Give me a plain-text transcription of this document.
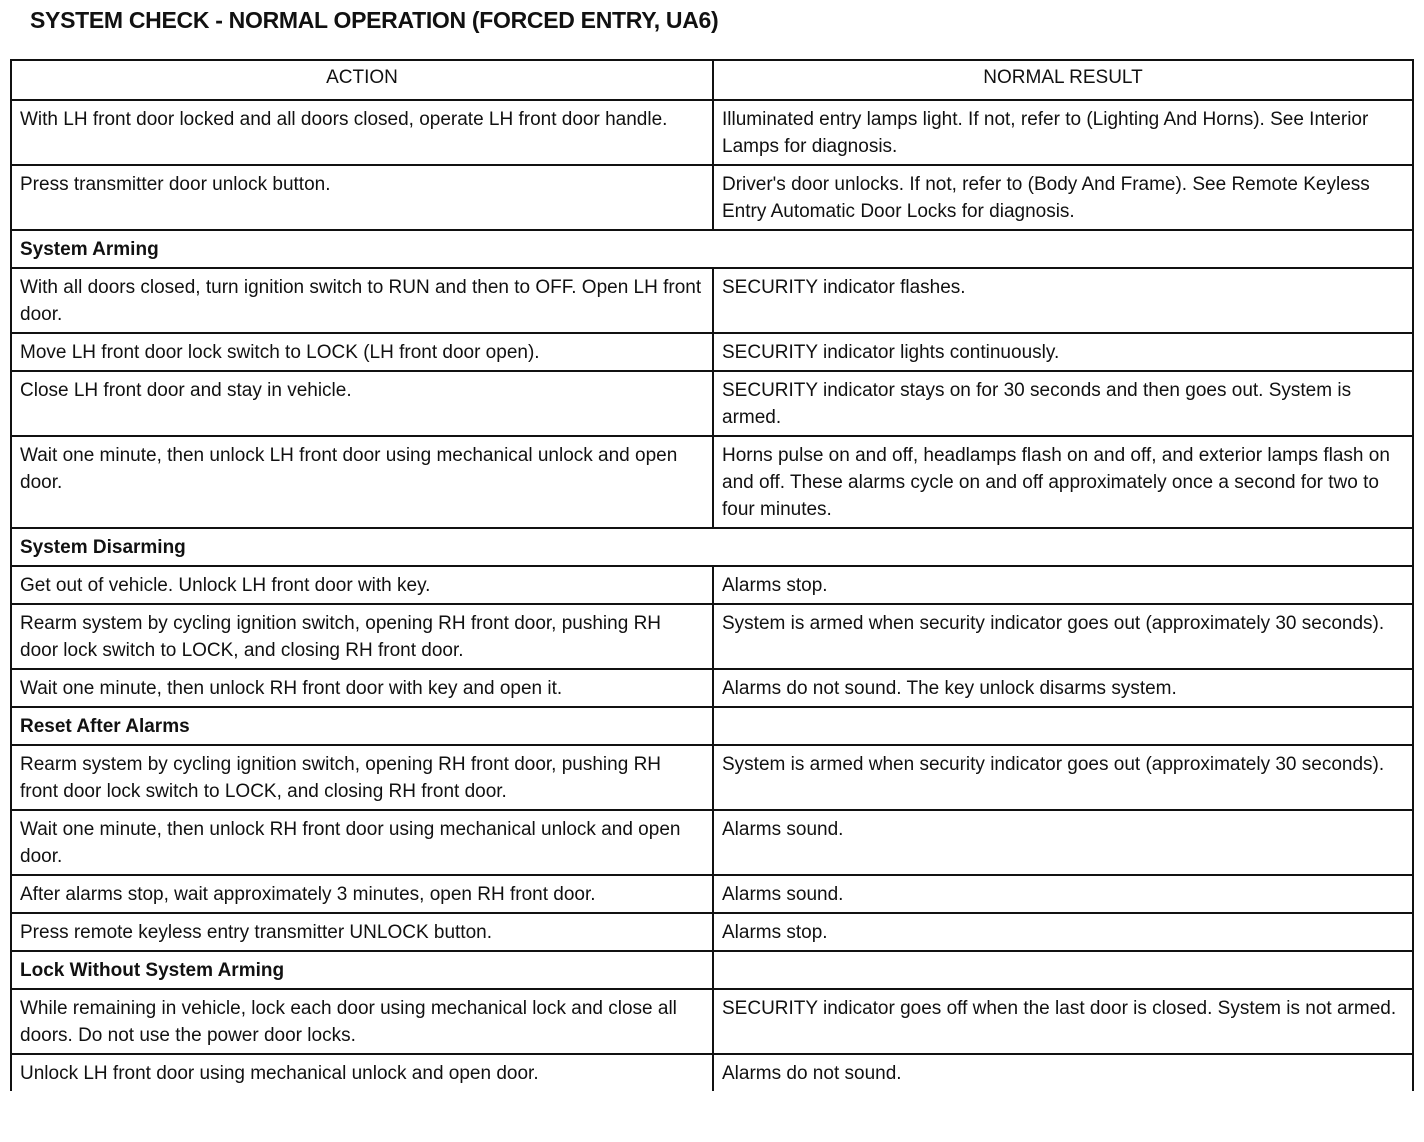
SYSTEM CHECK - NORMAL OPERATION (FORCED ENTRY, UA6)
ACTION	NORMAL RESULT
With LH front door locked and all doors closed, operate LH front door handle.	Illuminated entry lamps light. If not, refer to (Lighting And Horns). See Interior Lamps for diagnosis.
Press transmitter door unlock button.	Driver's door unlocks. If not, refer to (Body And Frame). See Remote Keyless Entry Automatic Door Locks for diagnosis.
System Arming	
With all doors closed, turn ignition switch to RUN and then to OFF. Open LH front door.	SECURITY indicator flashes.
Move LH front door lock switch to LOCK (LH front door open).	SECURITY indicator lights continuously.
Close LH front door and stay in vehicle.	SECURITY indicator stays on for 30 seconds and then goes out. System is armed.
Wait one minute, then unlock LH front door using mechanical unlock and open door.	Horns pulse on and off, headlamps flash on and off, and exterior lamps flash on and off. These alarms cycle on and off approximately once a second for two to four minutes.
System Disarming	
Get out of vehicle. Unlock LH front door with key.	Alarms stop.
Rearm system by cycling ignition switch, opening RH front door, pushing RH door lock switch to LOCK, and closing RH front door.	System is armed when security indicator goes out (approximately 30 seconds).
Wait one minute, then unlock RH front door with key and open it.	Alarms do not sound. The key unlock disarms system.
Reset After Alarms	
Rearm system by cycling ignition switch, opening RH front door, pushing RH front door lock switch to LOCK, and closing RH front door.	System is armed when security indicator goes out (approximately 30 seconds).
Wait one minute, then unlock RH front door using mechanical unlock and open door.	Alarms sound.
After alarms stop, wait approximately 3 minutes, open RH front door.	Alarms sound.
Press remote keyless entry transmitter UNLOCK button.	Alarms stop.
Lock Without System Arming	
While remaining in vehicle, lock each door using mechanical lock and close all doors. Do not use the power door locks.	SECURITY indicator goes off when the last door is closed. System is not armed.
Unlock LH front door using mechanical unlock and open door.	Alarms do not sound.
